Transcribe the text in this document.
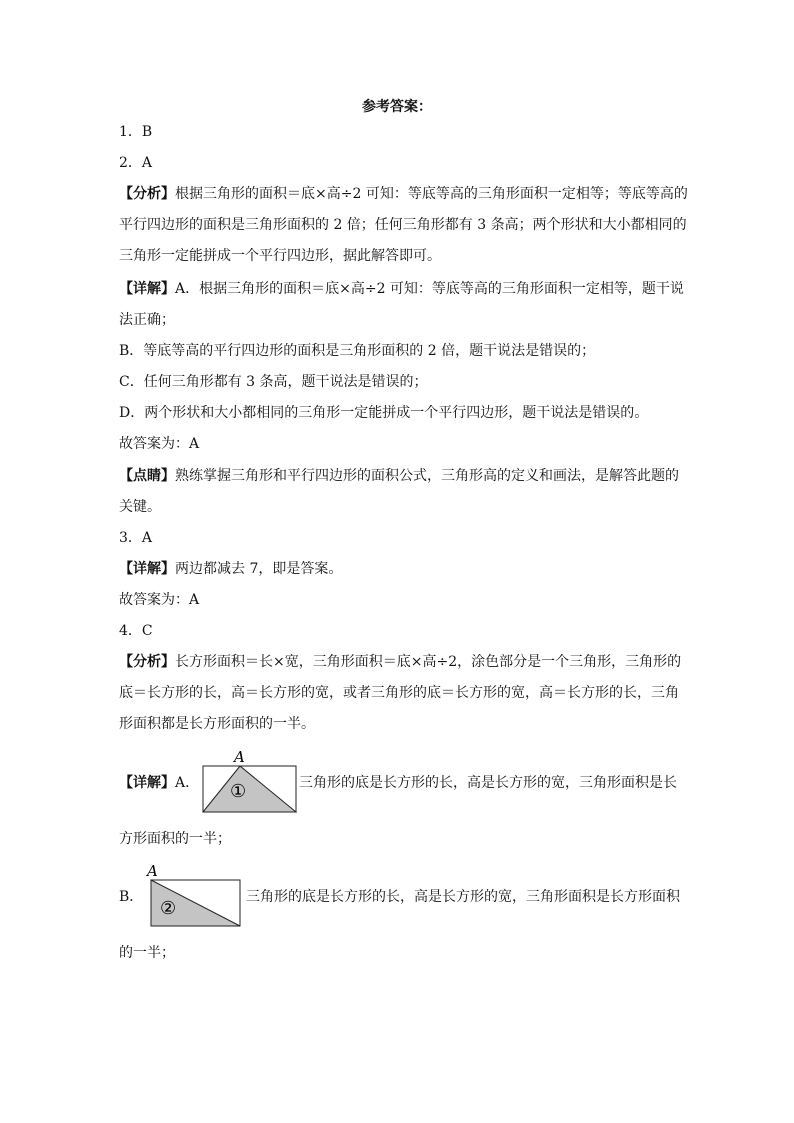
参考答案：
1．B
2．A
【分析】根据三角形的面积＝底×高÷2 可知：等底等高的三角形面积一定相等；等底等高的
平行四边形的面积是三角形面积的 2 倍；任何三角形都有 3 条高；两个形状和大小都相同的
三角形一定能拼成一个平行四边形，据此解答即可。
【详解】A．根据三角形的面积＝底×高÷2 可知：等底等高的三角形面积一定相等，题干说
法正确；
B．等底等高的平行四边形的面积是三角形面积的 2 倍，题干说法是错误的；
C．任何三角形都有 3 条高，题干说法是错误的；
D．两个形状和大小都相同的三角形一定能拼成一个平行四边形，题干说法是错误的。
故答案为：A
【点睛】熟练掌握三角形和平行四边形的面积公式，三角形高的定义和画法，是解答此题的
关键。
3．A
【详解】两边都减去 7，即是答案。
故答案为：A
4．C
【分析】长方形面积＝长×宽，三角形面积＝底×高÷2，涂色部分是一个三角形，三角形的
底＝长方形的长，高＝长方形的宽，或者三角形的底＝长方形的宽，高＝长方形的长，三角
形面积都是长方形面积的一半。
【详解】A．
A
①	三角形的底是长方形的长，高是长方形的宽，三角形面积是长
方形面积的一半；
B．
A
②
三角形的底是长方形的长，高是长方形的宽，三角形面积是长方形面积
的一半；
